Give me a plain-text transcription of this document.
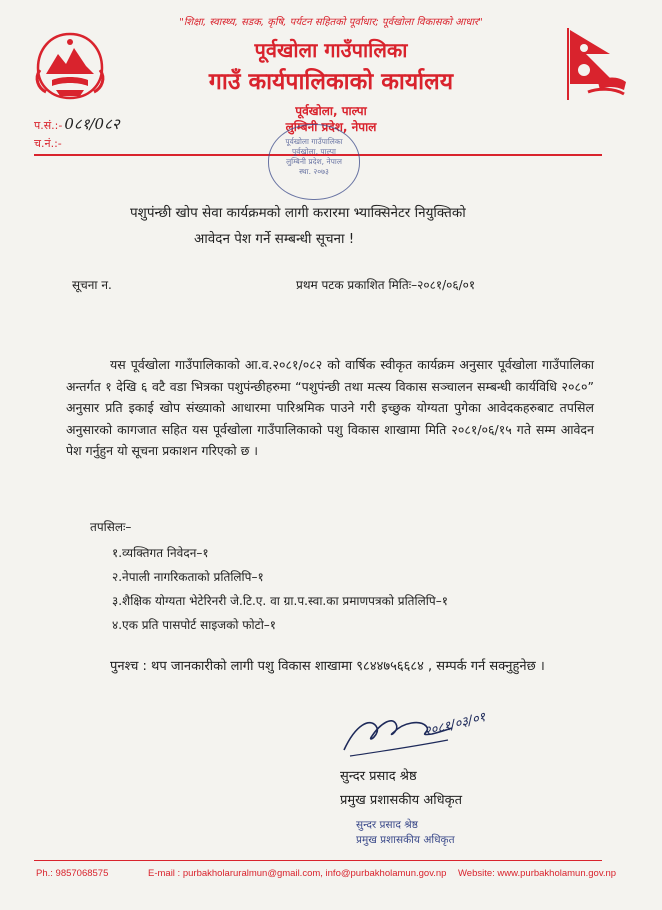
"शिक्षा, स्वास्थ्य, सडक, कृषि, पर्यटन सहितको पूर्वाधार; पूर्वखोला विकासको आधार"
पूर्वखोला गाउँपालिका
गाउँ कार्यपालिकाको कार्यालय
पूर्वखोला, पाल्पा
लुम्बिनी प्रदेश, नेपाल
प.सं.:- 0८१/0८२
च.नं.:-	पूर्वखोला गाउँपालिका
पूर्वखोला, पाल्पा
लुम्बिनी प्रदेश, नेपाल
स्था. २०७३
पशुपंन्छी खोप सेवा कार्यक्रमको लागी करारमा भ्याक्सिनेटर नियुक्तिको
आवेदन पेश गर्ने सम्बन्धी सूचना !
सूचना न.	प्रथम पटक प्रकाशित मितिः–२०८१/०६/०१
यस पूर्वखोला गाउँपालिकाको आ.व.२०८१/०८२ को वार्षिक स्वीकृत कार्यक्रम अनुसार पूर्वखोला गाउँपालिका अन्तर्गत १ देखि ६ वटै वडा भित्रका पशुपंन्छीहरुमा “पशुपंन्छी तथा मत्स्य विकास सञ्चालन सम्बन्धी कार्यविधि २०८०” अनुसार प्रति इकाई खोप संख्याको आधारमा पारिश्रमिक पाउने गरी इच्छुक योग्यता पुगेका आवेदकहरुबाट तपसिल अनुसारको कागजात सहित यस पूर्वखोला गाउँपालिकाको पशु विकास शाखामा मिति २०८१/०६/१५ गते सम्म आवेदन पेश गर्नुहुन यो सूचना प्रकाशन गरिएको छ ।
तपसिलः–
१.व्यक्तिगत निवेदन–१
२.नेपाली नागरिकताको प्रतिलिपि–१
३.शैक्षिक योग्यता भेटेरिनरी जे.टि.ए. वा ग्रा.प.स्वा.का प्रमाणपत्रको प्रतिलिपि–१
४.एक प्रति पासपोर्ट साइजको फोटो–१
पुनश्च : थप जानकारीको लागी पशु विकास शाखामा ९८४४७५६६८४ , सम्पर्क गर्न सक्नुहुनेछ ।
२०८१/०३/०१
सुन्दर प्रसाद श्रेष्ठ
प्रमुख प्रशासकीय अधिकृत
सुन्दर प्रसाद श्रेष्ठ
प्रमुख प्रशासकीय अधिकृत
Ph.: 9857068575	E-mail : purbakholaruralmun@gmail.com, info@purbakholamun.gov.np Website: www.purbakholamun.gov.np
